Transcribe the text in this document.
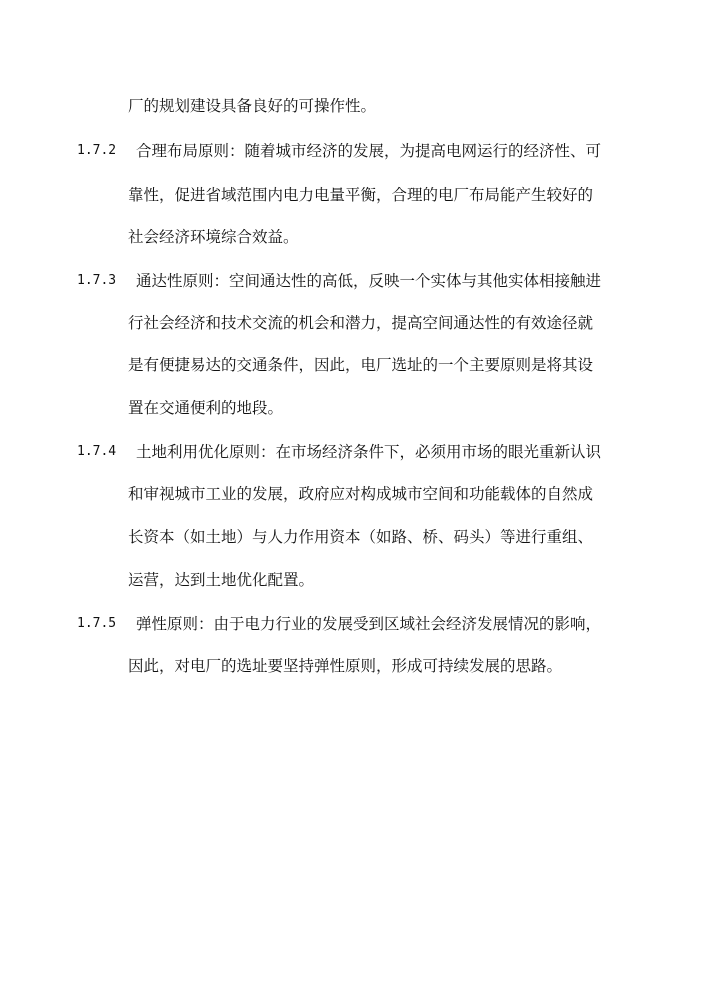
厂的规划建设具备良好的可操作性。
1.7.2 合理布局原则：随着城市经济的发展，为提高电网运行的经济性、可
靠性，促进省域范围内电力电量平衡，合理的电厂布局能产生较好的
社会经济环境综合效益。
1.7.3 通达性原则：空间通达性的高低，反映一个实体与其他实体相接触进
行社会经济和技术交流的机会和潜力，提高空间通达性的有效途径就
是有便捷易达的交通条件，因此，电厂选址的一个主要原则是将其设
置在交通便利的地段。
1.7.4 土地利用优化原则：在市场经济条件下，必须用市场的眼光重新认识
和审视城市工业的发展，政府应对构成城市空间和功能载体的自然成
长资本（如土地）与人力作用资本（如路、桥、码头）等进行重组、
运营，达到土地优化配置。
1.7.5 弹性原则：由于电力行业的发展受到区域社会经济发展情况的影响，
因此，对电厂的选址要坚持弹性原则，形成可持续发展的思路。
